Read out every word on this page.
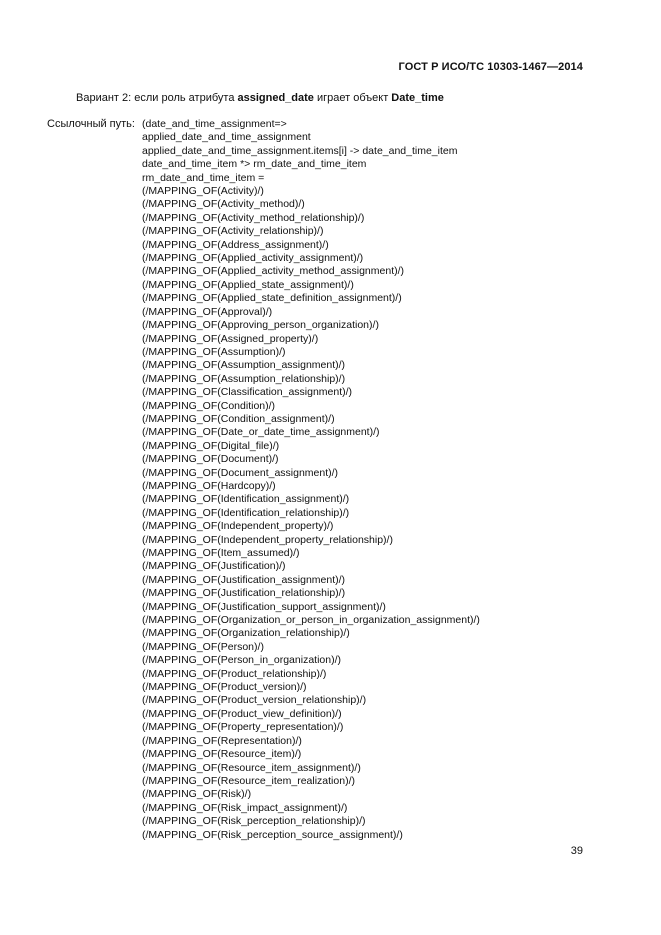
ГОСТ Р ИСО/ТС 10303-1467—2014
Вариант 2: если роль атрибута assigned_date играет объект Date_time
Ссылочный путь: (date_and_time_assignment=>
applied_date_and_time_assignment
applied_date_and_time_assignment.items[i] -> date_and_time_item
date_and_time_item *> rm_date_and_time_item
rm_date_and_time_item =
(/MAPPING_OF(Activity)/)
(/MAPPING_OF(Activity_method)/)
(/MAPPING_OF(Activity_method_relationship)/)
(/MAPPING_OF(Activity_relationship)/)
(/MAPPING_OF(Address_assignment)/)
(/MAPPING_OF(Applied_activity_assignment)/)
(/MAPPING_OF(Applied_activity_method_assignment)/)
(/MAPPING_OF(Applied_state_assignment)/)
(/MAPPING_OF(Applied_state_definition_assignment)/)
(/MAPPING_OF(Approval)/)
(/MAPPING_OF(Approving_person_organization)/)
(/MAPPING_OF(Assigned_property)/)
(/MAPPING_OF(Assumption)/)
(/MAPPING_OF(Assumption_assignment)/)
(/MAPPING_OF(Assumption_relationship)/)
(/MAPPING_OF(Classification_assignment)/)
(/MAPPING_OF(Condition)/)
(/MAPPING_OF(Condition_assignment)/)
(/MAPPING_OF(Date_or_date_time_assignment)/)
(/MAPPING_OF(Digital_file)/)
(/MAPPING_OF(Document)/)
(/MAPPING_OF(Document_assignment)/)
(/MAPPING_OF(Hardcopy)/)
(/MAPPING_OF(Identification_assignment)/)
(/MAPPING_OF(Identification_relationship)/)
(/MAPPING_OF(Independent_property)/)
(/MAPPING_OF(Independent_property_relationship)/)
(/MAPPING_OF(Item_assumed)/)
(/MAPPING_OF(Justification)/)
(/MAPPING_OF(Justification_assignment)/)
(/MAPPING_OF(Justification_relationship)/)
(/MAPPING_OF(Justification_support_assignment)/)
(/MAPPING_OF(Organization_or_person_in_organization_assignment)/)
(/MAPPING_OF(Organization_relationship)/)
(/MAPPING_OF(Person)/)
(/MAPPING_OF(Person_in_organization)/)
(/MAPPING_OF(Product_relationship)/)
(/MAPPING_OF(Product_version)/)
(/MAPPING_OF(Product_version_relationship)/)
(/MAPPING_OF(Product_view_definition)/)
(/MAPPING_OF(Property_representation)/)
(/MAPPING_OF(Representation)/)
(/MAPPING_OF(Resource_item)/)
(/MAPPING_OF(Resource_item_assignment)/)
(/MAPPING_OF(Resource_item_realization)/)
(/MAPPING_OF(Risk)/)
(/MAPPING_OF(Risk_impact_assignment)/)
(/MAPPING_OF(Risk_perception_relationship)/)
(/MAPPING_OF(Risk_perception_source_assignment)/)
39
